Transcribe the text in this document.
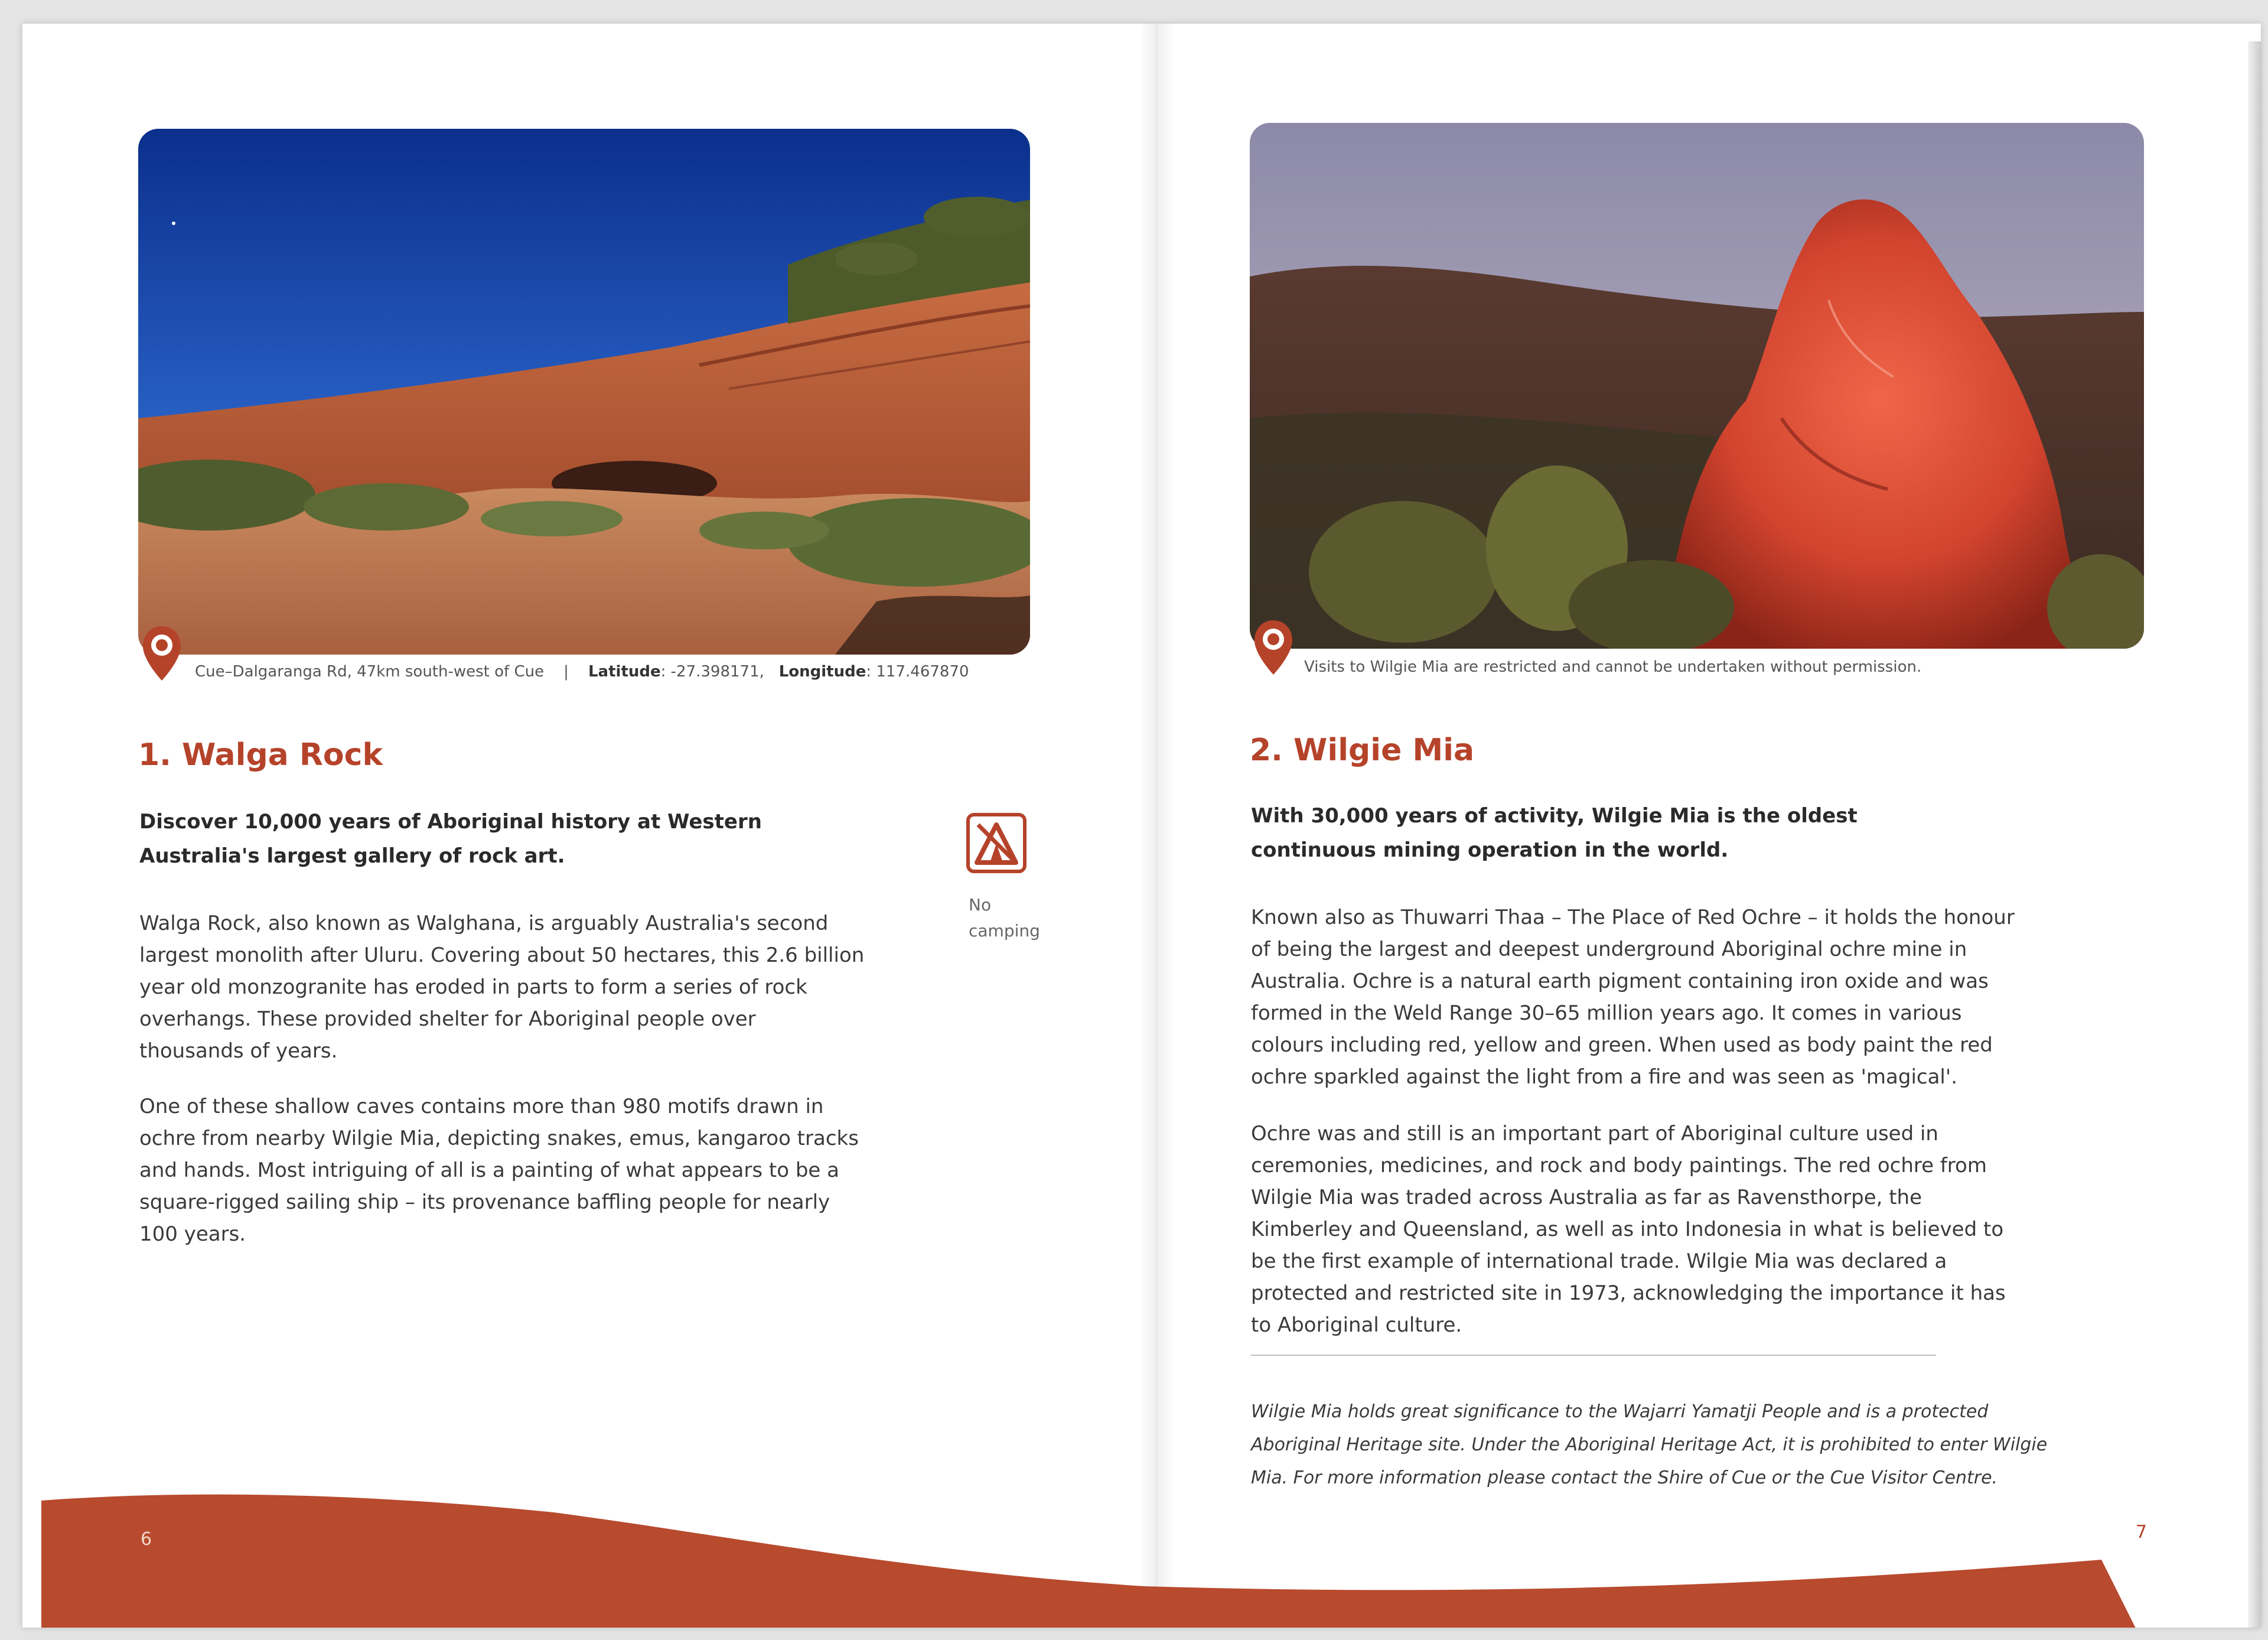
Cue–Dalgaranga Rd, 47km south-west of Cue | Latitude: -27.398171, Longitude: 117.467870
1. Walga Rock

Discover 10,000 years of Aboriginal history at Western Australia's largest gallery of rock art.

Walga Rock, also known as Walghana, is arguably Australia's second largest monolith after Uluru. Covering about 50 hectares, this 2.6 billion year old monzogranite has eroded in parts to form a series of rock overhangs. These provided shelter for Aboriginal people over thousands of years.

One of these shallow caves contains more than 980 motifs drawn in ochre from nearby Wilgie Mia, depicting snakes, emus, kangaroo tracks and hands. Most intriguing of all is a painting of what appears to be a square-rigged sailing ship – its provenance baffling people for nearly 100 years.

No
camping
Visits to Wilgie Mia are restricted and cannot be undertaken without permission.
2. Wilgie Mia

With 30,000 years of activity, Wilgie Mia is the oldest continuous mining operation in the world.

Known also as Thuwarri Thaa – The Place of Red Ochre – it holds the honour of being the largest and deepest underground Aboriginal ochre mine in Australia. Ochre is a natural earth pigment containing iron oxide and was formed in the Weld Range 30–65 million years ago. It comes in various colours including red, yellow and green. When used as body paint the red ochre sparkled against the light from a fire and was seen as 'magical'.

Ochre was and still is an important part of Aboriginal culture used in ceremonies, medicines, and rock and body paintings. The red ochre from Wilgie Mia was traded across Australia as far as Ravensthorpe, the Kimberley and Queensland, as well as into Indonesia in what is believed to be the first example of international trade. Wilgie Mia was declared a protected and restricted site in 1973, acknowledging the importance it has to Aboriginal culture.

Wilgie Mia holds great significance to the Wajarri Yamatji People and is a protected Aboriginal Heritage site. Under the Aboriginal Heritage Act, it is prohibited to enter Wilgie Mia. For more information please contact the Shire of Cue or the Cue Visitor Centre.

6	7
